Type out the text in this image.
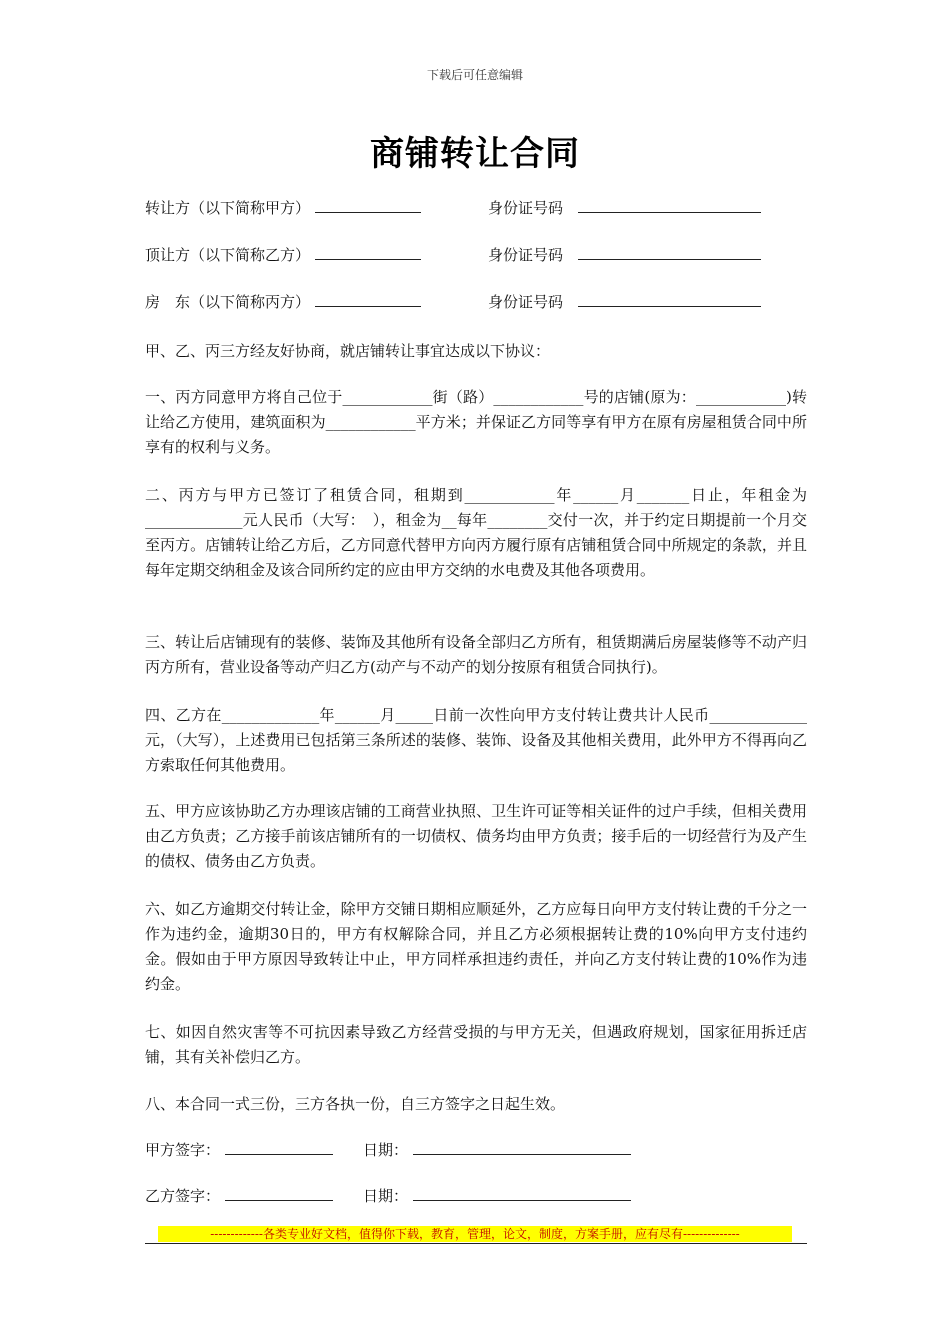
下载后可任意编辑
商铺转让合同
转让方（以下简称甲方）	身份证号码
顶让方（以下简称乙方）	身份证号码
房　东（以下简称丙方）	身份证号码

甲、乙、丙三方经友好协商，就店铺转让事宜达成以下协议：

一、丙方同意甲方将自己位于____________街（路）____________号的店铺(原为：____________)转让给乙方使用，建筑面积为____________平方米；并保证乙方同等享有甲方在原有房屋租赁合同中所享有的权利与义务。

二、丙方与甲方已签订了租赁合同，租期到____________年______月_______日止，年租金为_____________元人民币（大写：　），租金为__每年________交付一次，并于约定日期提前一个月交至丙方。店铺转让给乙方后，乙方同意代替甲方向丙方履行原有店铺租赁合同中所规定的条款，并且每年定期交纳租金及该合同所约定的应由甲方交纳的水电费及其他各项费用。

三、转让后店铺现有的装修、装饰及其他所有设备全部归乙方所有，租赁期满后房屋装修等不动产归丙方所有，营业设备等动产归乙方(动产与不动产的划分按原有租赁合同执行)。

四、乙方在_____________年______月_____日前一次性向甲方支付转让费共计人民币_____________元，（大写），上述费用已包括第三条所述的装修、装饰、设备及其他相关费用，此外甲方不得再向乙方索取任何其他费用。

五、甲方应该协助乙方办理该店铺的工商营业执照、卫生许可证等相关证件的过户手续，但相关费用由乙方负责；乙方接手前该店铺所有的一切债权、债务均由甲方负责；接手后的一切经营行为及产生的债权、债务由乙方负责。

六、如乙方逾期交付转让金，除甲方交铺日期相应顺延外，乙方应每日向甲方支付转让费的千分之一作为违约金，逾期30日的，甲方有权解除合同，并且乙方必须根据转让费的10%向甲方支付违约金。假如由于甲方原因导致转让中止，甲方同样承担违约责任，并向乙方支付转让费的10%作为违约金。

七、如因自然灾害等不可抗因素导致乙方经营受损的与甲方无关，但遇政府规划，国家征用拆迁店铺，其有关补偿归乙方。

八、本合同一式三份，三方各执一份，自三方签字之日起生效。

甲方签字：	日期：
乙方签字：	日期：
-------------各类专业好文档，值得你下载，教育，管理，论文，制度，方案手册，应有尽有--------------
